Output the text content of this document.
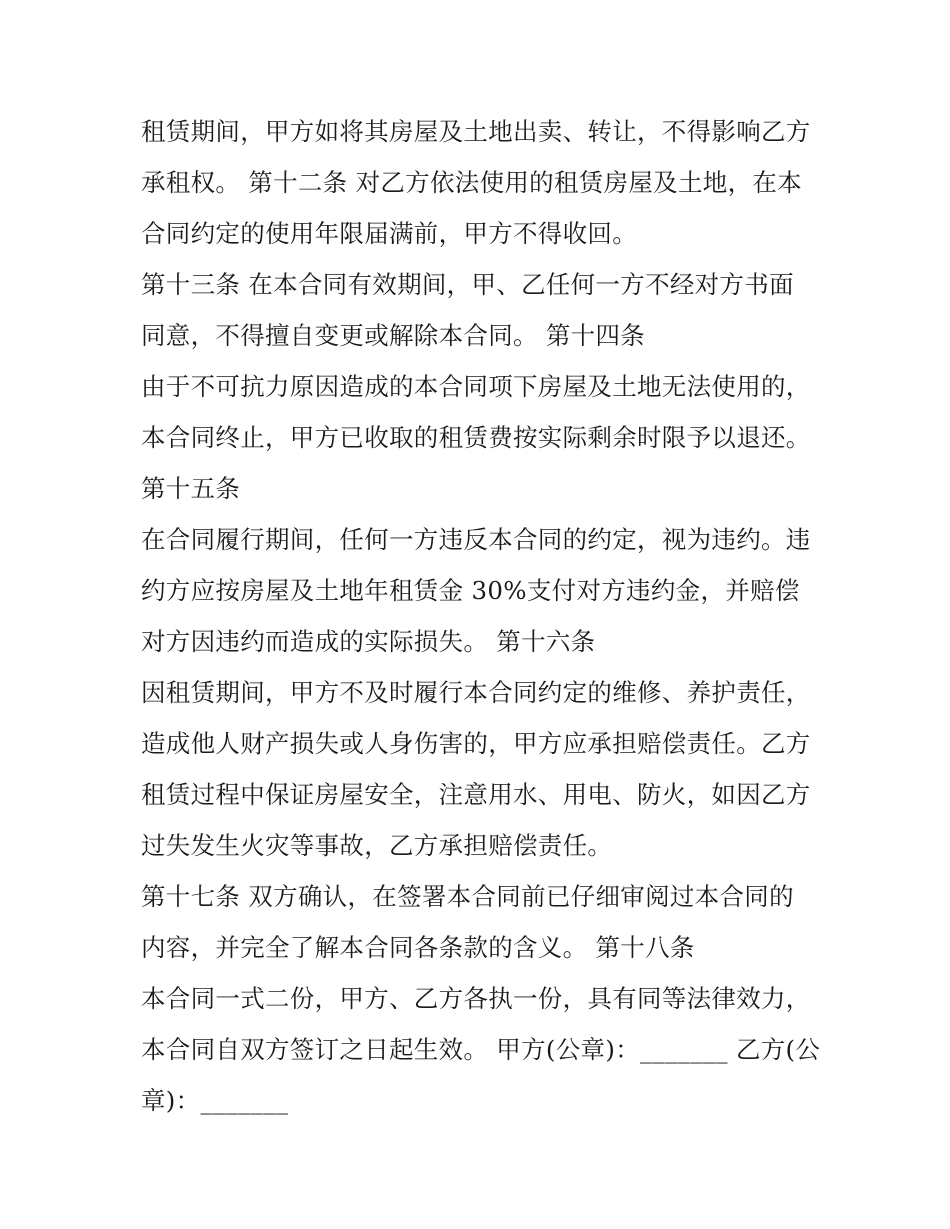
租赁期间，甲方如将其房屋及土地出卖、转让，不得影响乙方
承租权。 第十二条 对乙方依法使用的租赁房屋及土地，在本
合同约定的使用年限届满前，甲方不得收回。
第十三条 在本合同有效期间，甲、乙任何一方不经对方书面
同意，不得擅自变更或解除本合同。 第十四条
由于不可抗力原因造成的本合同项下房屋及土地无法使用的，
本合同终止，甲方已收取的租赁费按实际剩余时限予以退还。
第十五条
在合同履行期间，任何一方违反本合同的约定，视为违约。违
约方应按房屋及土地年租赁金 30%支付对方违约金，并赔偿
对方因违约而造成的实际损失。 第十六条
因租赁期间，甲方不及时履行本合同约定的维修、养护责任，
造成他人财产损失或人身伤害的，甲方应承担赔偿责任。乙方
租赁过程中保证房屋安全，注意用水、用电、防火，如因乙方
过失发生火灾等事故，乙方承担赔偿责任。
第十七条 双方确认，在签署本合同前已仔细审阅过本合同的
内容，并完全了解本合同各条款的含义。 第十八条
本合同一式二份，甲方、乙方各执一份，具有同等法律效力，
本合同自双方签订之日起生效。 甲方(公章)：_______ 乙方(公
章)：_______
